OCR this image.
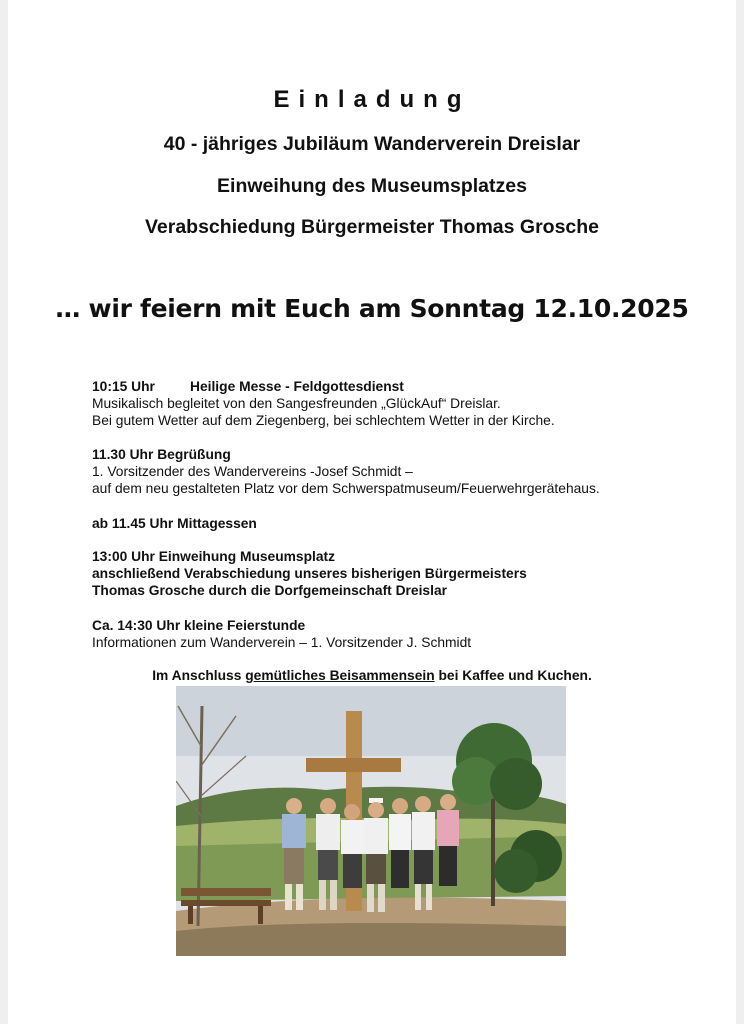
Einladung
40 - jähriges Jubiläum Wanderverein Dreislar
Einweihung des Museumsplatzes
Verabschiedung Bürgermeister Thomas Grosche
… wir feiern mit Euch am Sonntag 12.10.2025
10:15 Uhr	Heilige Messe - Feldgottesdienst
Musikalisch begleitet von den Sangesfreunden „GlückAuf“ Dreislar.
Bei gutem Wetter auf dem Ziegenberg, bei schlechtem Wetter in der Kirche.
11.30 Uhr Begrüßung
1. Vorsitzender des Wandervereins -Josef Schmidt –
auf dem neu gestalteten Platz vor dem Schwerspatmuseum/Feuerwehrgerätehaus.
ab 11.45 Uhr Mittagessen
13:00 Uhr Einweihung Museumsplatz
anschließend Verabschiedung unseres bisherigen Bürgermeisters
Thomas Grosche durch die Dorfgemeinschaft Dreislar
Ca. 14:30 Uhr kleine Feierstunde
Informationen zum Wanderverein – 1. Vorsitzender J. Schmidt
Im Anschluss gemütliches Beisammensein bei Kaffee und Kuchen.
